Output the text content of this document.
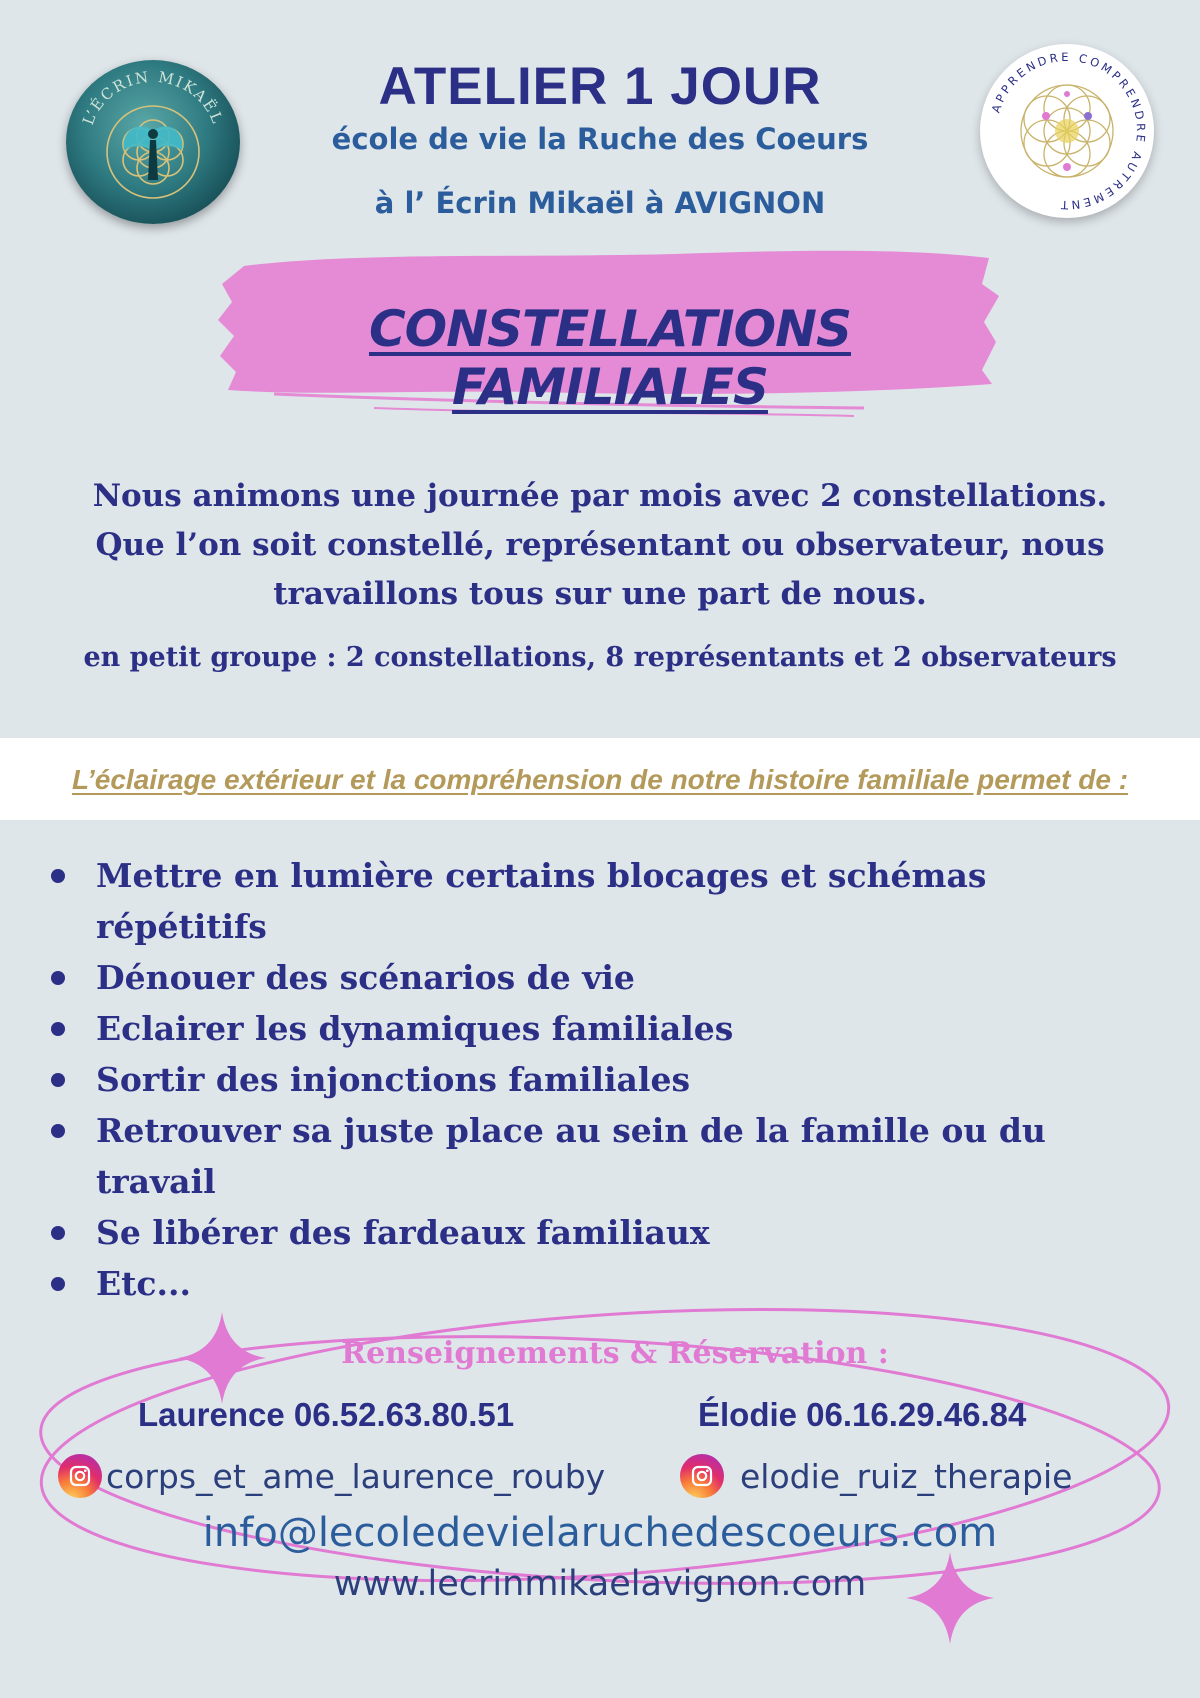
L’ÉCRIN MIKAËL
APPRENDRE COMPRENDRE AUTREMENT
ATELIER 1 JOUR
école de vie la Ruche des Coeurs
à l’ Écrin Mikaël à AVIGNON
CONSTELLATIONS FAMILIALES
Nous animons une journée par mois avec 2 constellations.
Que l’on soit constellé, représentant ou observateur, nous
travaillons tous sur une part de nous.
en petit groupe : 2 constellations, 8 représentants et 2 observateurs
L’éclairage extérieur et la compréhension de notre histoire familiale permet de :
Mettre en lumière certains blocages et schémas répétitifs
Dénouer des scénarios de vie
Eclairer les dynamiques familiales
Sortir des injonctions familiales
Retrouver sa juste place au sein de la famille ou du travail
Se libérer des fardeaux familiaux
Etc...
Renseignements & Réservation :
Laurence 06.52.63.80.51	Élodie 06.16.29.46.84
corps_et_ame_laurence_rouby	elodie_ruiz_therapie
info@lecoledevielaruchedescoeurs.com
www.lecrinmikaelavignon.com
